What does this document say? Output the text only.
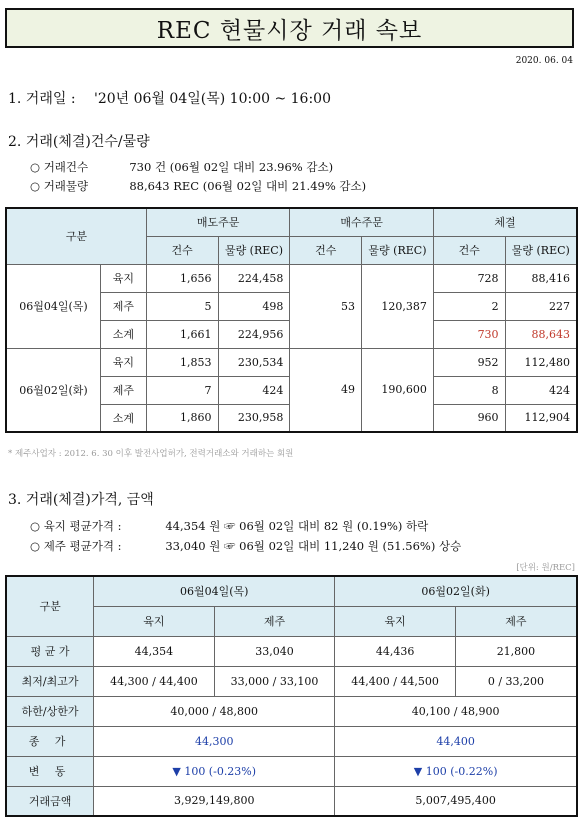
REC 현물시장 거래 속보
2020. 06. 04
1. 거래일 : '20년 06월 04일(목) 10:00 ~ 16:00
2. 거래(체결)건수/물량
○ 거래건수	730 건 (06월 02일 대비 23.96% 감소)
○ 거래물량	88,643 REC (06월 02일 대비 21.49% 감소)
구분		매도주문		매수주문		체결	
		건수	물량 (REC)	건수	물량 (REC)	건수	물량 (REC)
06월04일(목)	육지	1,656	224,458	53	120,387	728	88,416
	제주	5	498			2	227
	소계	1,661	224,956			730	88,643
06월02일(화)	육지	1,853	230,534	49	190,600	952	112,480
	제주	7	424			8	424
	소계	1,860	230,958			960	112,904
* 제주사업자 : 2012. 6. 30 이후 발전사업허가, 전력거래소와 거래하는 회원
3. 거래(체결)가격, 금액
○ 육지 평균가격 :	44,354 원 ☞ 06월 02일 대비 82 원 (0.19%) 하락
○ 제주 평균가격 :	33,040 원 ☞ 06월 02일 대비 11,240 원 (51.56%) 상승
[단위: 원/REC]
구분	06월04일(목)		06월02일(화)	
	육지	제주	육지	제주
평 균 가	44,354	33,040	44,436	21,800
최저/최고가	44,300 / 44,400	33,000 / 33,100	44,400 / 44,500	0 / 33,200
하한/상한가	40,000 / 48,800		40,100 / 48,900	
종 가	44,300		44,400	
변 동	▼ 100 (-0.23%)		▼ 100 (-0.22%)	
거래금액	3,929,149,800		5,007,495,400	
